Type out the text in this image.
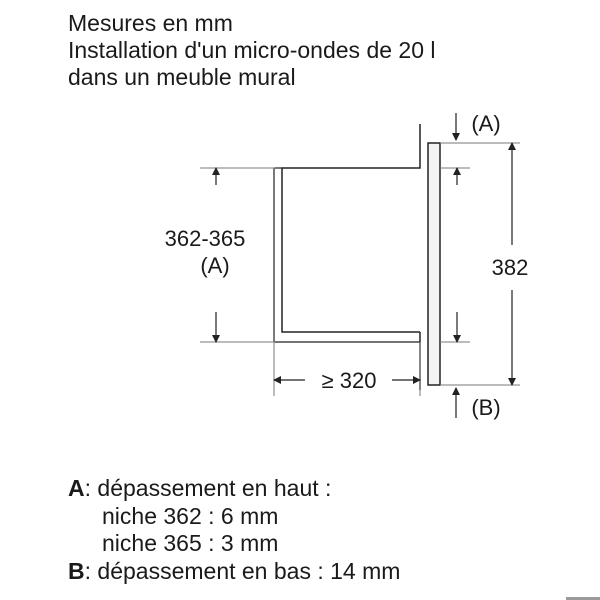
Mesures en mm
Installation d'un micro-ondes de 20 l
dans un meuble mural
362-365
(A)	382
≥ 320
(A)
(B)
A: dépassement en haut :
niche 362 : 6 mm
niche 365 : 3 mm
B: dépassement en bas : 14 mm
